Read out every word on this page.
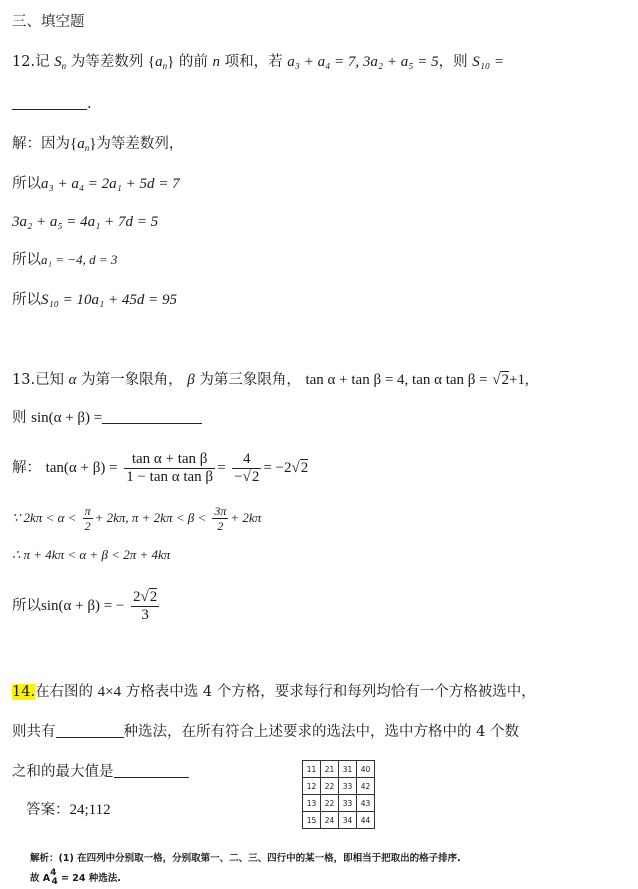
三、填空题
12.记 $S_n$ 为等差数列 $\{a_n\}$ 的前 n 项和，若 a₃ + a₄ = 7, 3a₂ + a₅ = 5，则 S₁₀ =
.
解：因为$\{a_n\}$为等差数列，
所以a₃ + a₄ = 2a₁ + 5d = 7
3a₂ + a₅ = 4a₁ + 7d = 5
所以a₁ = −4, d = 3
所以S₁₀ = 10a₁ + 45d = 95
13.已知 α 为第一象限角， β 为第三象限角， tan α + tan β = 4, tan α tan β = √2+1,
则 sin(α + β) =
解： $\tan(\alpha + \beta) = \frac{\text{tan α + tan β}}{\text{1 − tan α tan β}} = \frac{4}{-√2} = -2√2$
∵ $2k\pi < \alpha < \frac{\pi}{2} + 2k\pi$, $\pi + 2k\pi < \beta < \frac{3\pi}{2} + 2k\pi$
∴ π + 4kπ < α + β < 2π + 4kπ
所以sin(α + β) = − $\frac{2√2}{3}$
14.在右图的 4×4 方格表中选 4 个方格，要求每行和每列均恰有一个方格被选中，
则共有	种选法，在所有符合上述要求的选法中，选中方格中的 4 个数
之和的最大值是
答案：24;112
11	21	31	40
12	22	33	42
13	22	33	43
15	24	34	44
解析：(1) 在四列中分别取一格，分别取第一、二、三、四行中的某一格，即相当于把取出的格子排序.
故 $A^4_4 = 24$ 种选法.
